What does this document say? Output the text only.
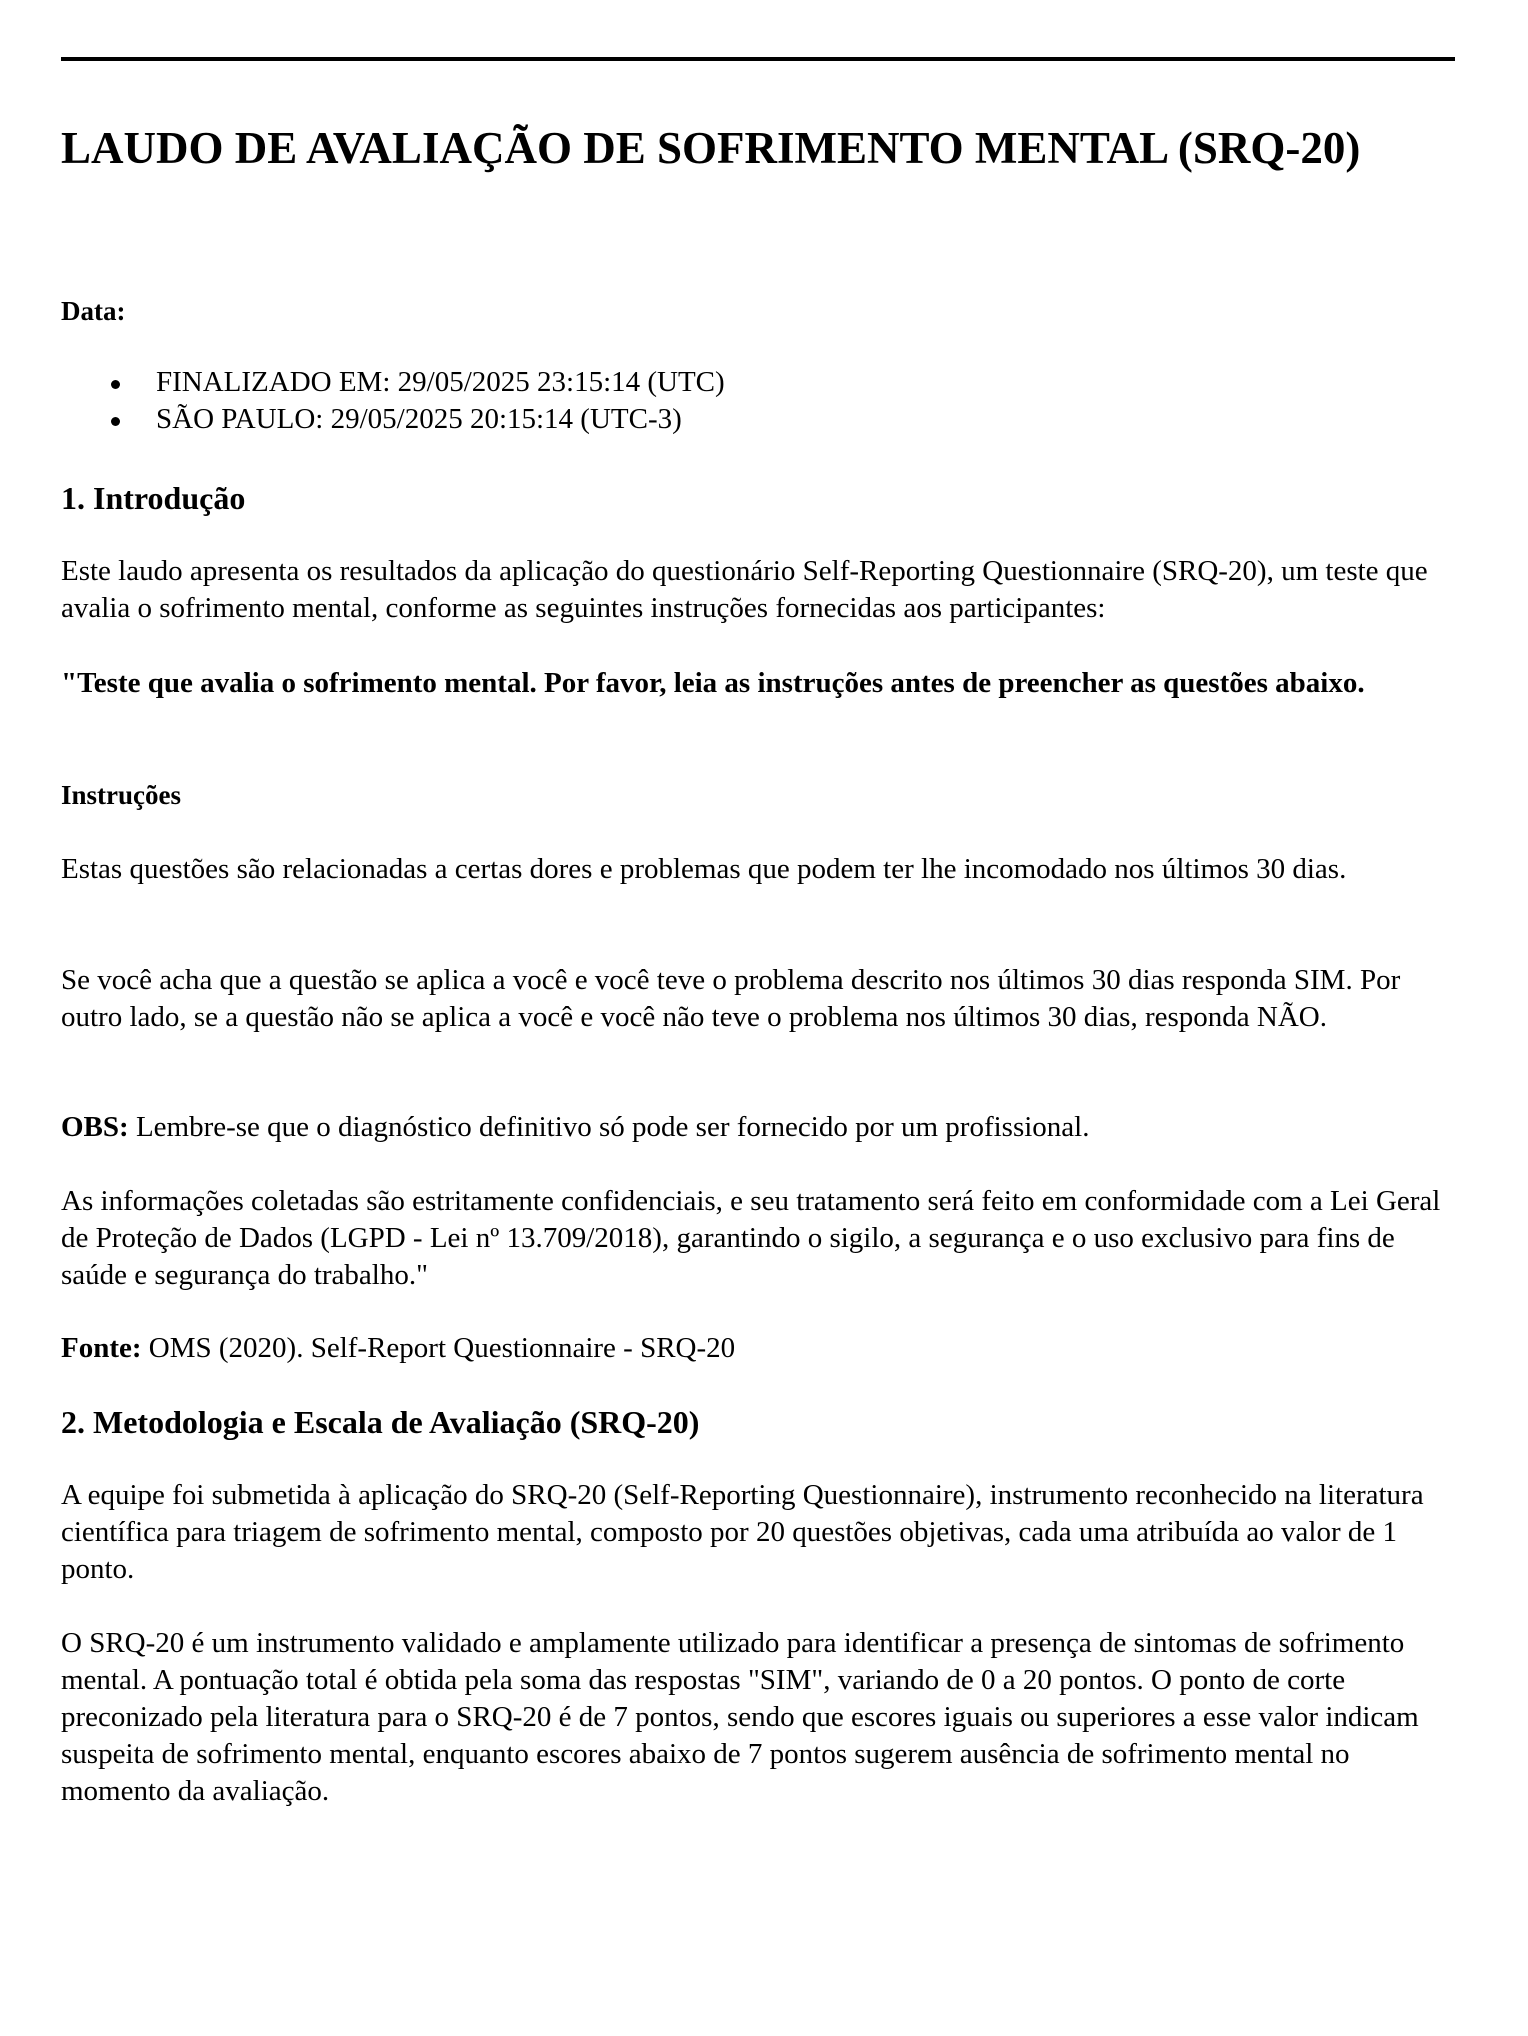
LAUDO DE AVALIAÇÃO DE SOFRIMENTO MENTAL (SRQ-20)
Data:
FINALIZADO EM: 29/05/2025 23:15:14 (UTC)
SÃO PAULO: 29/05/2025 20:15:14 (UTC-3)
1. Introdução

Este laudo apresenta os resultados da aplicação do questionário Self-Reporting Questionnaire (SRQ-20), um teste que avalia o sofrimento mental, conforme as seguintes instruções fornecidas aos participantes:

"Teste que avalia o sofrimento mental. Por favor, leia as instruções antes de preencher as questões abaixo.

Instruções

Estas questões são relacionadas a certas dores e problemas que podem ter lhe incomodado nos últimos 30 dias.

Se você acha que a questão se aplica a você e você teve o problema descrito nos últimos 30 dias responda SIM. Por outro lado, se a questão não se aplica a você e você não teve o problema nos últimos 30 dias, responda NÃO.

OBS: Lembre-se que o diagnóstico definitivo só pode ser fornecido por um profissional.

As informações coletadas são estritamente confidenciais, e seu tratamento será feito em conformidade com a Lei Geral de Proteção de Dados (LGPD - Lei nº 13.709/2018), garantindo o sigilo, a segurança e o uso exclusivo para fins de saúde e segurança do trabalho."

Fonte: OMS (2020). Self-Report Questionnaire - SRQ-20

2. Metodologia e Escala de Avaliação (SRQ-20)

A equipe foi submetida à aplicação do SRQ-20 (Self-Reporting Questionnaire), instrumento reconhecido na literatura científica para triagem de sofrimento mental, composto por 20 questões objetivas, cada uma atribuída ao valor de 1 ponto.

O SRQ-20 é um instrumento validado e amplamente utilizado para identificar a presença de sintomas de sofrimento mental. A pontuação total é obtida pela soma das respostas "SIM", variando de 0 a 20 pontos. O ponto de corte preconizado pela literatura para o SRQ-20 é de 7 pontos, sendo que escores iguais ou superiores a esse valor indicam suspeita de sofrimento mental, enquanto escores abaixo de 7 pontos sugerem ausência de sofrimento mental no momento da avaliação.
